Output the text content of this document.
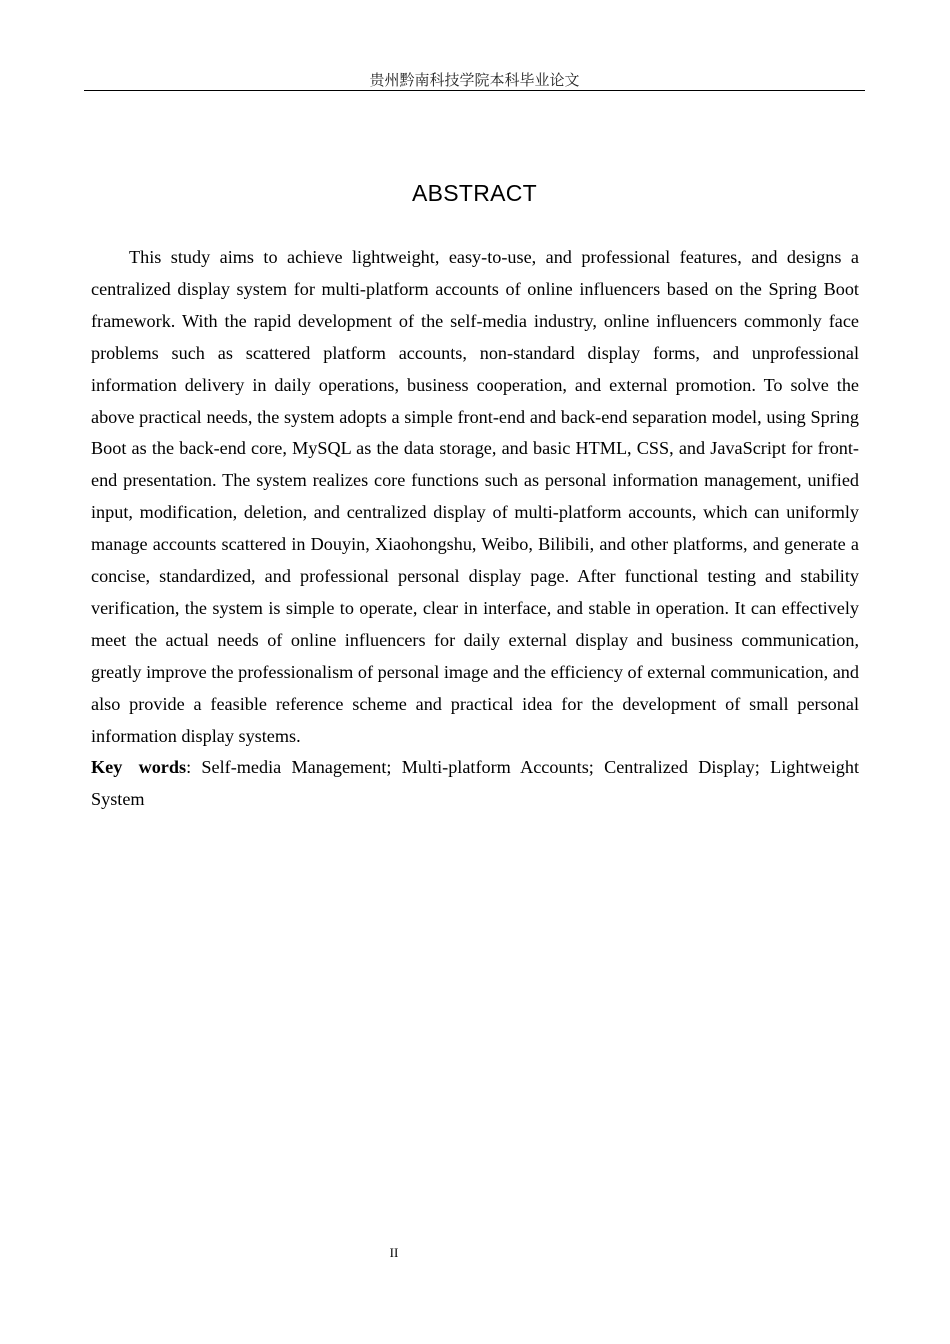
贵州黔南科技学院本科毕业论文
ABSTRACT

This study aims to achieve lightweight, easy-to-use, and professional features, and designs a centralized display system for multi-platform accounts of online influencers based on the Spring Boot framework. With the rapid development of the self-media industry, online influencers commonly face problems such as scattered platform accounts, non-standard display forms, and unprofessional information delivery in daily operations, business cooperation, and external promotion. To solve the above practical needs, the system adopts a simple front-end and back-end separation model, using Spring Boot as the back-end core, MySQL as the data storage, and basic HTML, CSS, and JavaScript for front-end presentation. The system realizes core functions such as personal information management, unified input, modification, deletion, and centralized display of multi-platform accounts, which can uniformly manage accounts scattered in Douyin, Xiaohongshu, Weibo, Bilibili, and other platforms, and generate a concise, standardized, and professional personal display page. After functional testing and stability verification, the system is simple to operate, clear in interface, and stable in operation. It can effectively meet the actual needs of online influencers for daily external display and business communication, greatly improve the professionalism of personal image and the efficiency of external communication, and also provide a feasible reference scheme and practical idea for the development of small personal information display systems.

Key words: Self-media Management; Multi-platform Accounts; Centralized Display; Lightweight System

II
